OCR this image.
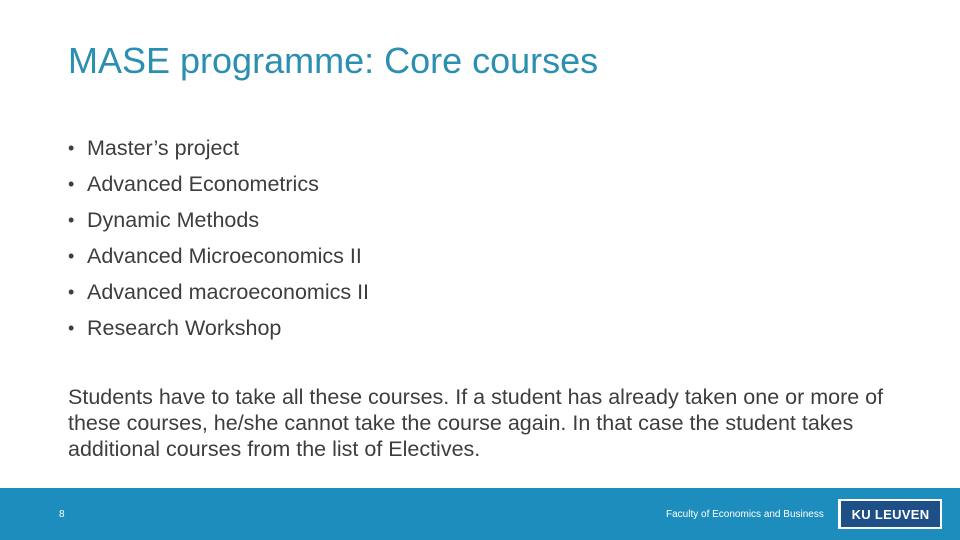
MASE programme: Core courses
• Master’s project
• Advanced Econometrics
• Dynamic Methods
• Advanced Microeconomics II
• Advanced macroeconomics II
• Research Workshop

Students have to take all these courses. If a student has already taken one or more of these courses, he/she cannot take the course again. In that case the student takes additional courses from the list of Electives.

8	Faculty of Economics and Business KU LEUVEN
